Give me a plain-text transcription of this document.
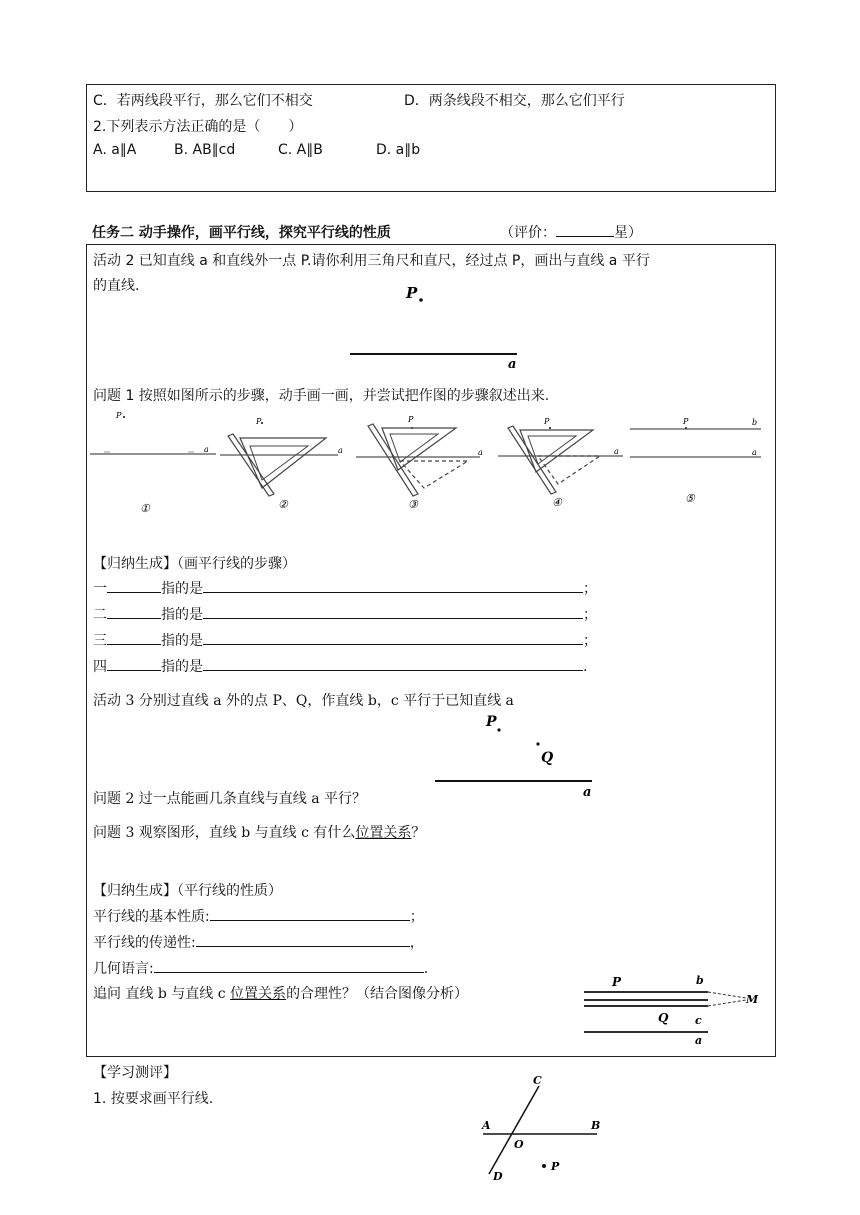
C．若两线段平行，那么它们不相交	D．两条线段不相交，那么它们平行
2.下列表示方法正确的是（　　）
A. a∥A	B. AB∥cd	C. A∥B	D. a∥b
任务二 动手操作，画平行线，探究平行线的性质	（评价：	星）
活动 2 已知直线 a 和直线外一点 P.请你利用三角尺和直尺，经过点 P，画出与直线 a 平行
的直线.	P
a
问题 1 按照如图所示的步骤，动手画一画，并尝试把作图的步骤叙述出来.
P
a
①
P
a
②
P
a
③
P
a
④
P	b
a
⑤
【归纳生成】（画平行线的步骤）
一	指的是	；
二	指的是	；
三	指的是	；
四	指的是	.
活动 3 分别过直线 a 外的点 P、Q，作直线 b，c 平行于已知直线 a
P
Q
a
问题 2 过一点能画几条直线与直线 a 平行？
问题 3 观察图形，直线 b 与直线 c 有什么位置关系？
【归纳生成】（平行线的性质）
平行线的基本性质:	；
平行线的传递性:	，
几何语言:	.
追问 直线 b 与直线 c 位置关系的合理性？（结合图像分析）
P	b
M
Q c
a
【学习测评】
1. 按要求画平行线.
C
A	B
O
P
D
